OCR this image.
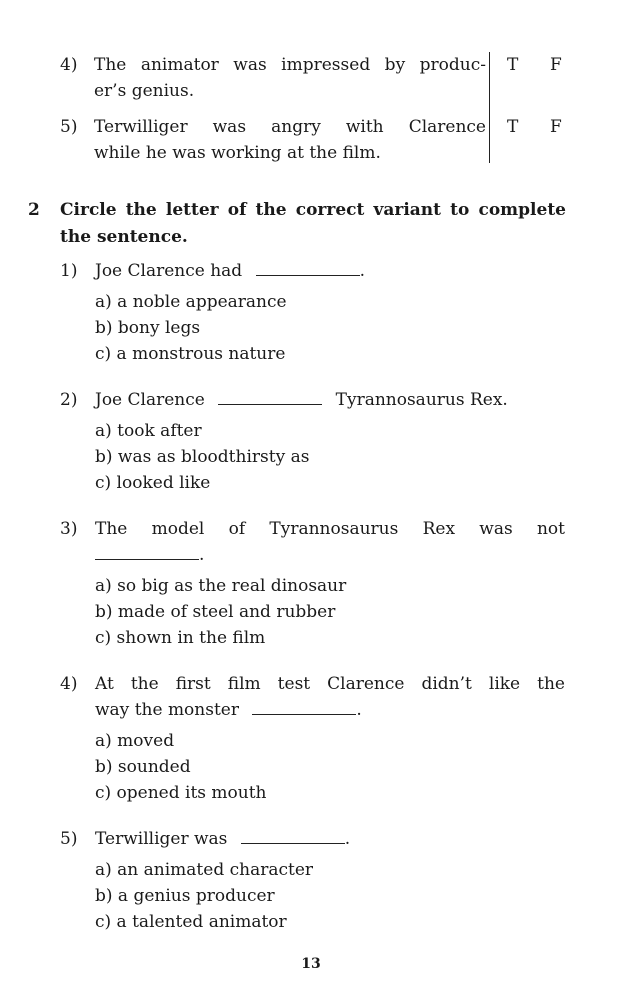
4) The animator was impressed by produc-
er’s genius.
T F
5) Terwilliger was angry with Clarence
while he was working at the film.
T F
2 Circle the letter of the correct variant to complete
the sentence.
1) Joe Clarence had	.
a) a noble appearance
b) bony legs
c) a monstrous nature
2) Joe Clarence	Tyrannosaurus Rex.
a) took after
b) was as bloodthirsty as
c) looked like
3) The model of Tyrannosaurus Rex was not
.
a) so big as the real dinosaur
b) made of steel and rubber
c) shown in the film
4) At the first film test Clarence didn’t like the
way the monster	.
a) moved
b) sounded
c) opened its mouth
5) Terwilliger was	.
a) an animated character
b) a genius producer
c) a talented animator
13
